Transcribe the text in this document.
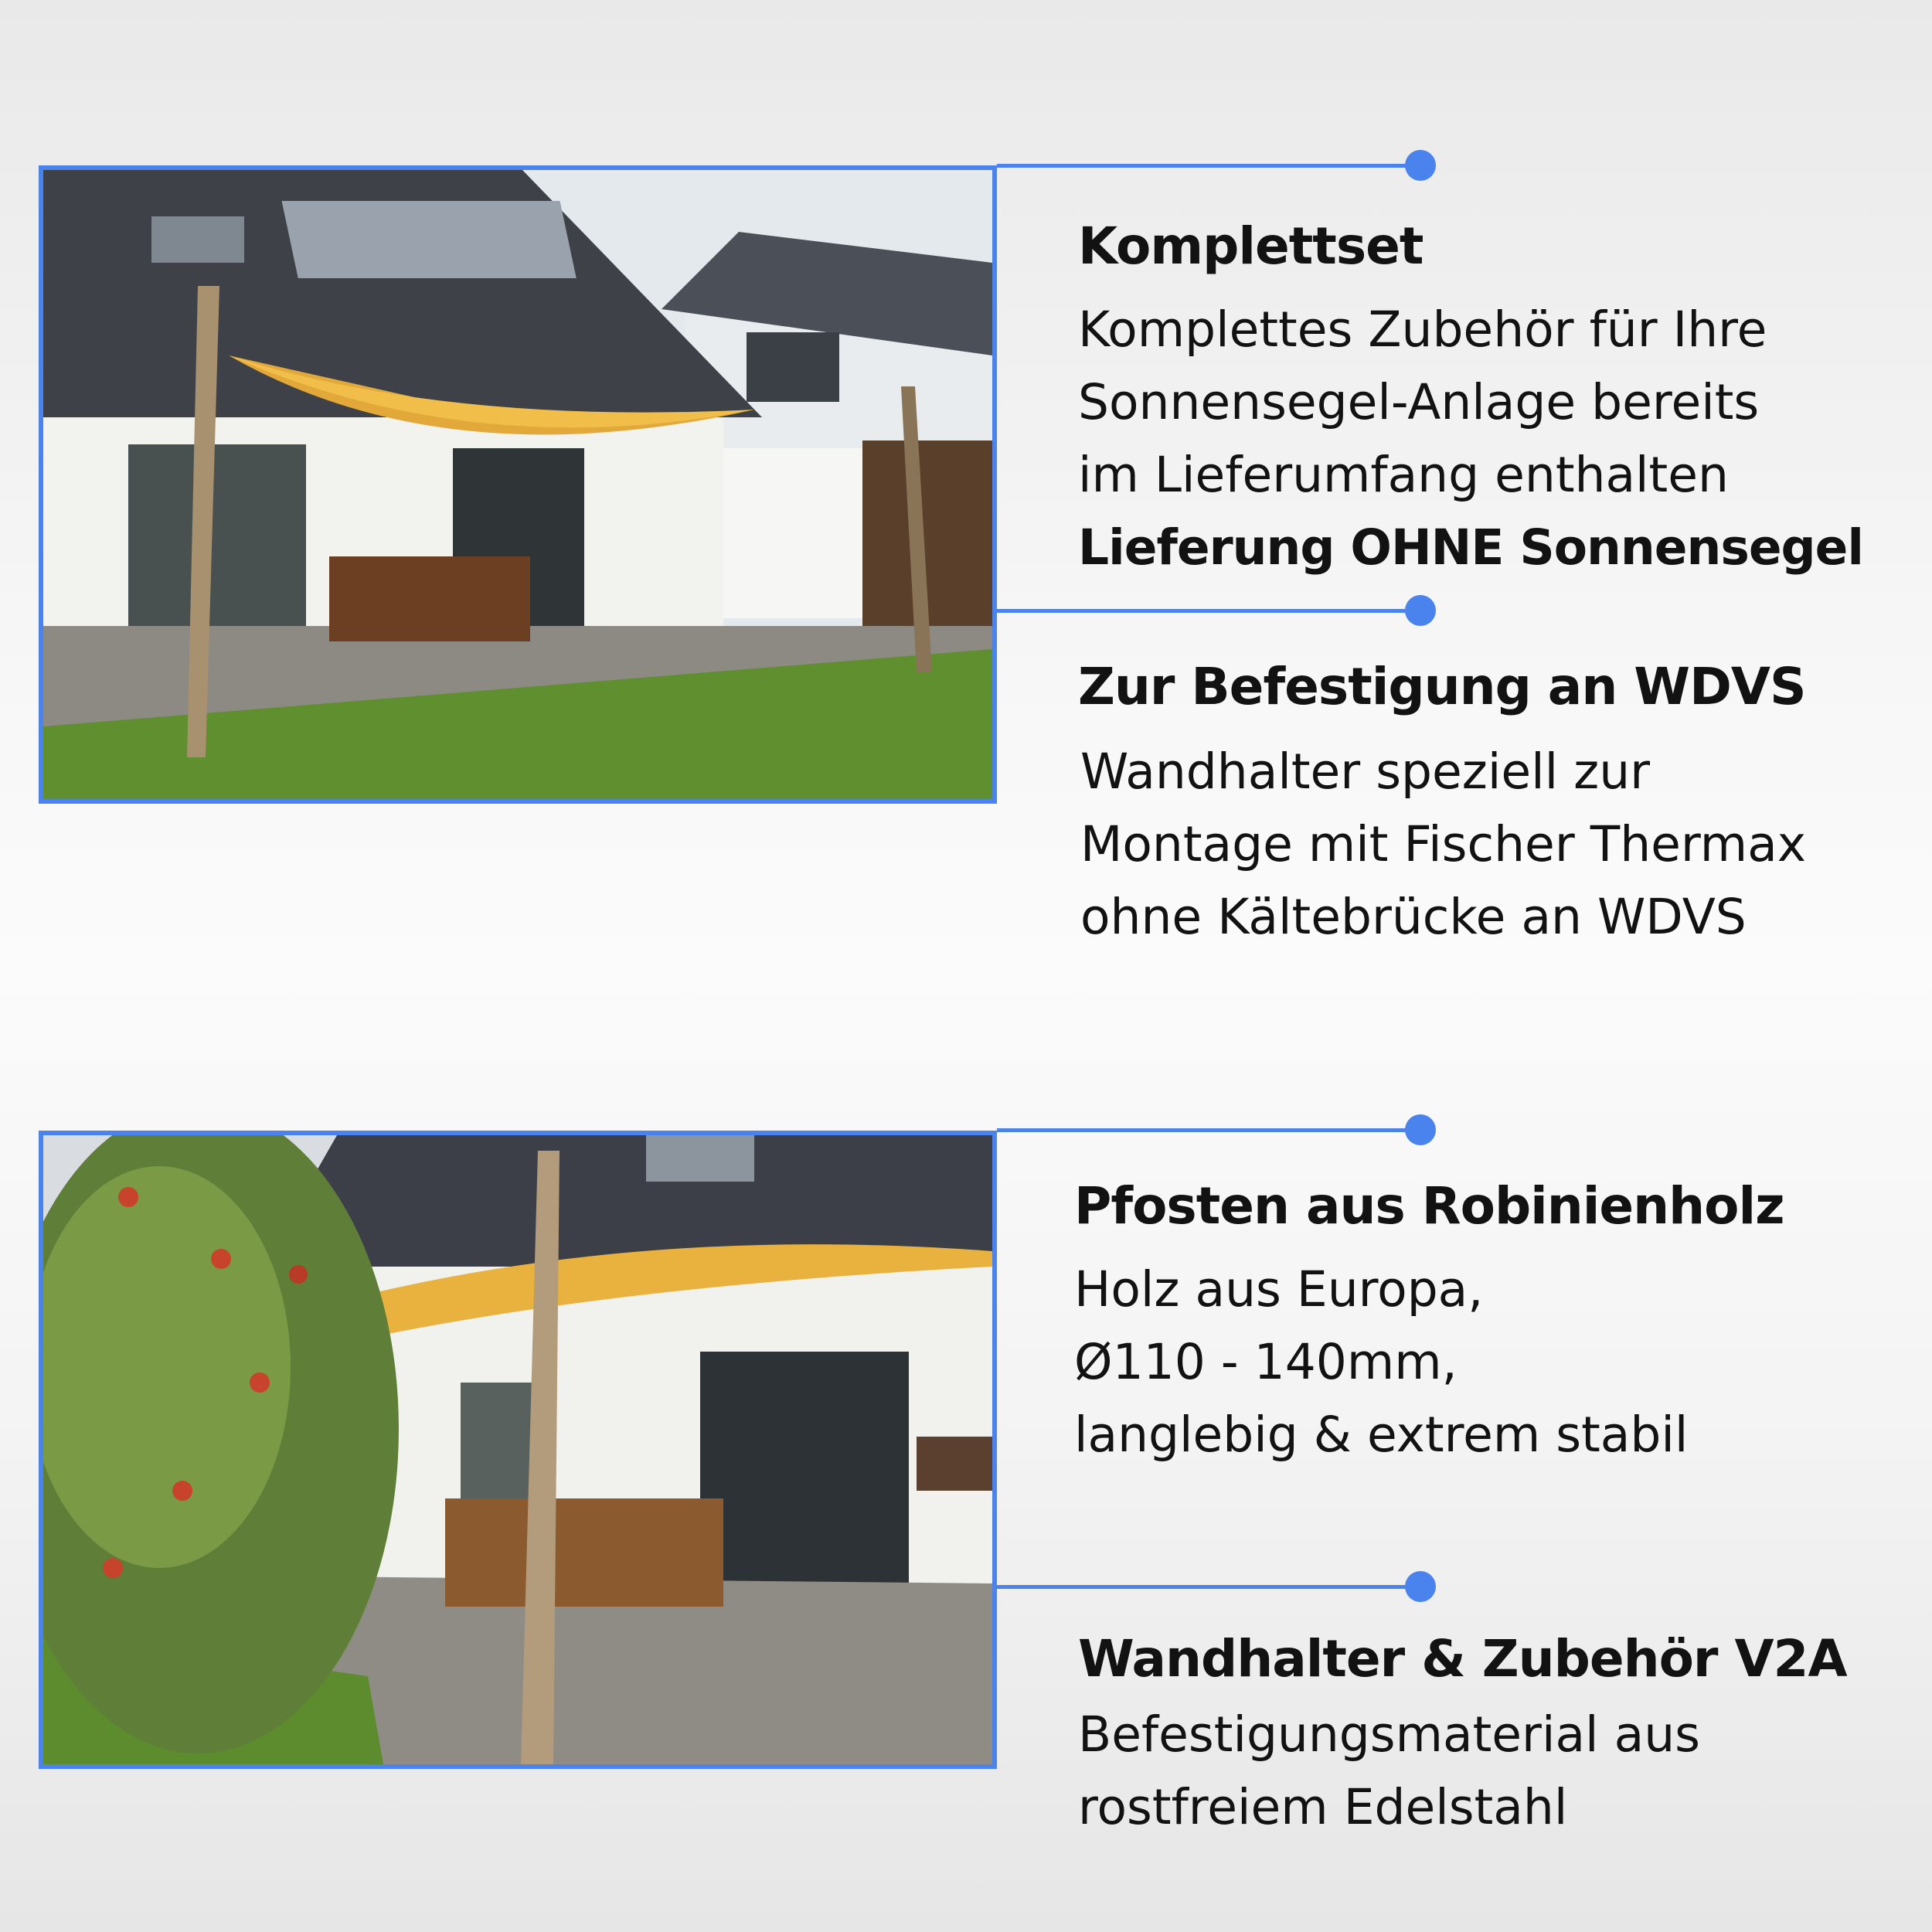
Komplettset
Komplettes Zubehör für Ihre
Sonnensegel-Anlage bereits
im Lieferumfang enthalten
Lieferung OHNE Sonnensegel
Zur Befestigung an WDVS
Wandhalter speziell zur
Montage mit Fischer Thermax
ohne Kältebrücke an WDVS
Pfosten aus Robinienholz
Holz aus Europa,
Ø110 - 140mm,
langlebig & extrem stabil
Wandhalter & Zubehör V2A
Befestigungsmaterial aus
rostfreiem Edelstahl
